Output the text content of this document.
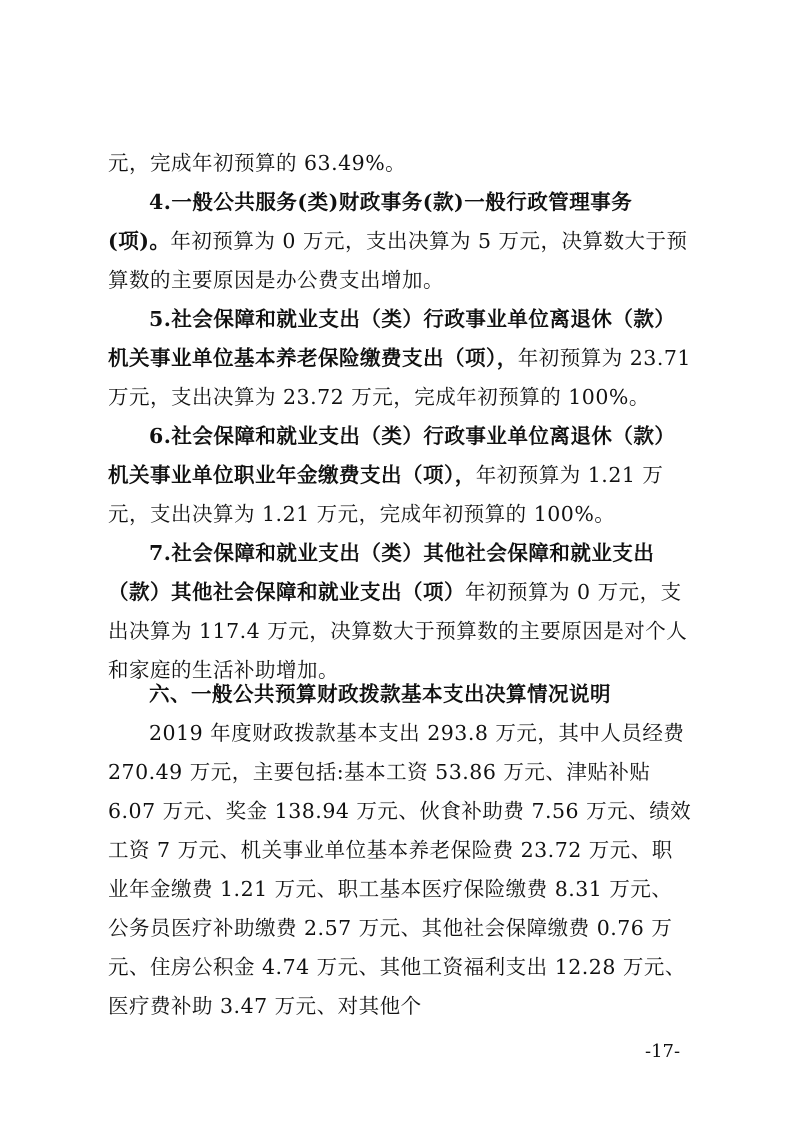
元，完成年初预算的 63.49%。

4.一般公共服务(类)财政事务(款)一般行政管理事务(项)。年初预算为 0 万元，支出决算为 5 万元，决算数大于预算数的主要原因是办公费支出增加。

5.社会保障和就业支出（类）行政事业单位离退休（款）机关事业单位基本养老保险缴费支出（项），年初预算为 23.71 万元，支出决算为 23.72 万元，完成年初预算的 100%。

6.社会保障和就业支出（类）行政事业单位离退休（款）机关事业单位职业年金缴费支出（项），年初预算为 1.21 万元，支出决算为 1.21 万元，完成年初预算的 100%。

7.社会保障和就业支出（类）其他社会保障和就业支出（款）其他社会保障和就业支出（项）年初预算为 0 万元，支出决算为 117.4 万元，决算数大于预算数的主要原因是对个人和家庭的生活补助增加。

六、一般公共预算财政拨款基本支出决算情况说明

2019 年度财政拨款基本支出 293.8 万元，其中人员经费 270.49 万元，主要包括:基本工资 53.86 万元、津贴补贴 6.07 万元、奖金 138.94 万元、伙食补助费 7.56 万元、绩效工资 7 万元、机关事业单位基本养老保险费 23.72 万元、职业年金缴费 1.21 万元、职工基本医疗保险缴费 8.31 万元、公务员医疗补助缴费 2.57 万元、其他社会保障缴费 0.76 万元、住房公积金 4.74 万元、其他工资福利支出 12.28 万元、医疗费补助 3.47 万元、对其他个

-17-
